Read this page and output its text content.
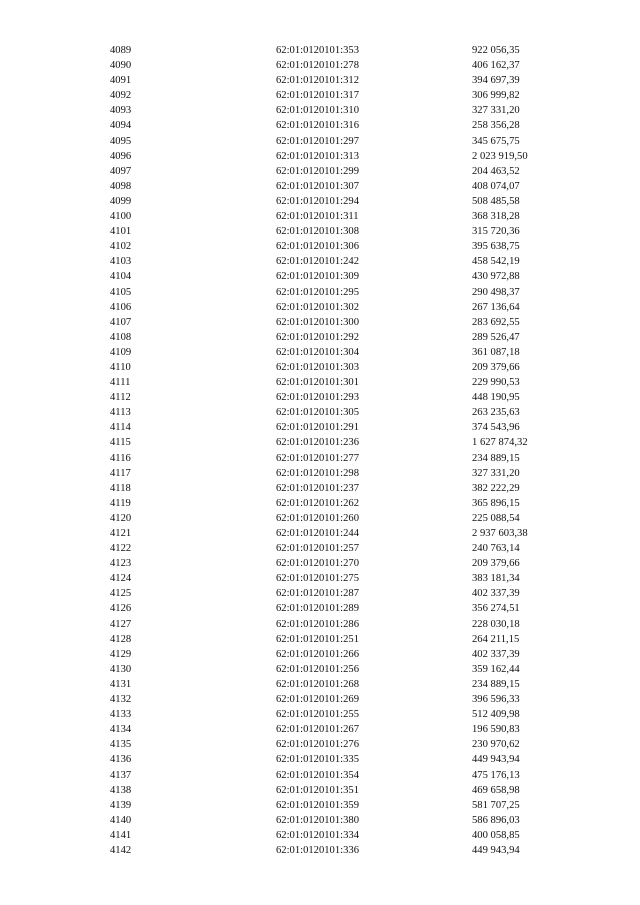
4089	62:01:0120101:353	922 056,35
4090	62:01:0120101:278	406 162,37
4091	62:01:0120101:312	394 697,39
4092	62:01:0120101:317	306 999,82
4093	62:01:0120101:310	327 331,20
4094	62:01:0120101:316	258 356,28
4095	62:01:0120101:297	345 675,75
4096	62:01:0120101:313	2 023 919,50
4097	62:01:0120101:299	204 463,52
4098	62:01:0120101:307	408 074,07
4099	62:01:0120101:294	508 485,58
4100	62:01:0120101:311	368 318,28
4101	62:01:0120101:308	315 720,36
4102	62:01:0120101:306	395 638,75
4103	62:01:0120101:242	458 542,19
4104	62:01:0120101:309	430 972,88
4105	62:01:0120101:295	290 498,37
4106	62:01:0120101:302	267 136,64
4107	62:01:0120101:300	283 692,55
4108	62:01:0120101:292	289 526,47
4109	62:01:0120101:304	361 087,18
4110	62:01:0120101:303	209 379,66
4111	62:01:0120101:301	229 990,53
4112	62:01:0120101:293	448 190,95
4113	62:01:0120101:305	263 235,63
4114	62:01:0120101:291	374 543,96
4115	62:01:0120101:236	1 627 874,32
4116	62:01:0120101:277	234 889,15
4117	62:01:0120101:298	327 331,20
4118	62:01:0120101:237	382 222,29
4119	62:01:0120101:262	365 896,15
4120	62:01:0120101:260	225 088,54
4121	62:01:0120101:244	2 937 603,38
4122	62:01:0120101:257	240 763,14
4123	62:01:0120101:270	209 379,66
4124	62:01:0120101:275	383 181,34
4125	62:01:0120101:287	402 337,39
4126	62:01:0120101:289	356 274,51
4127	62:01:0120101:286	228 030,18
4128	62:01:0120101:251	264 211,15
4129	62:01:0120101:266	402 337,39
4130	62:01:0120101:256	359 162,44
4131	62:01:0120101:268	234 889,15
4132	62:01:0120101:269	396 596,33
4133	62:01:0120101:255	512 409,98
4134	62:01:0120101:267	196 590,83
4135	62:01:0120101:276	230 970,62
4136	62:01:0120101:335	449 943,94
4137	62:01:0120101:354	475 176,13
4138	62:01:0120101:351	469 658,98
4139	62:01:0120101:359	581 707,25
4140	62:01:0120101:380	586 896,03
4141	62:01:0120101:334	400 058,85
4142	62:01:0120101:336	449 943,94
